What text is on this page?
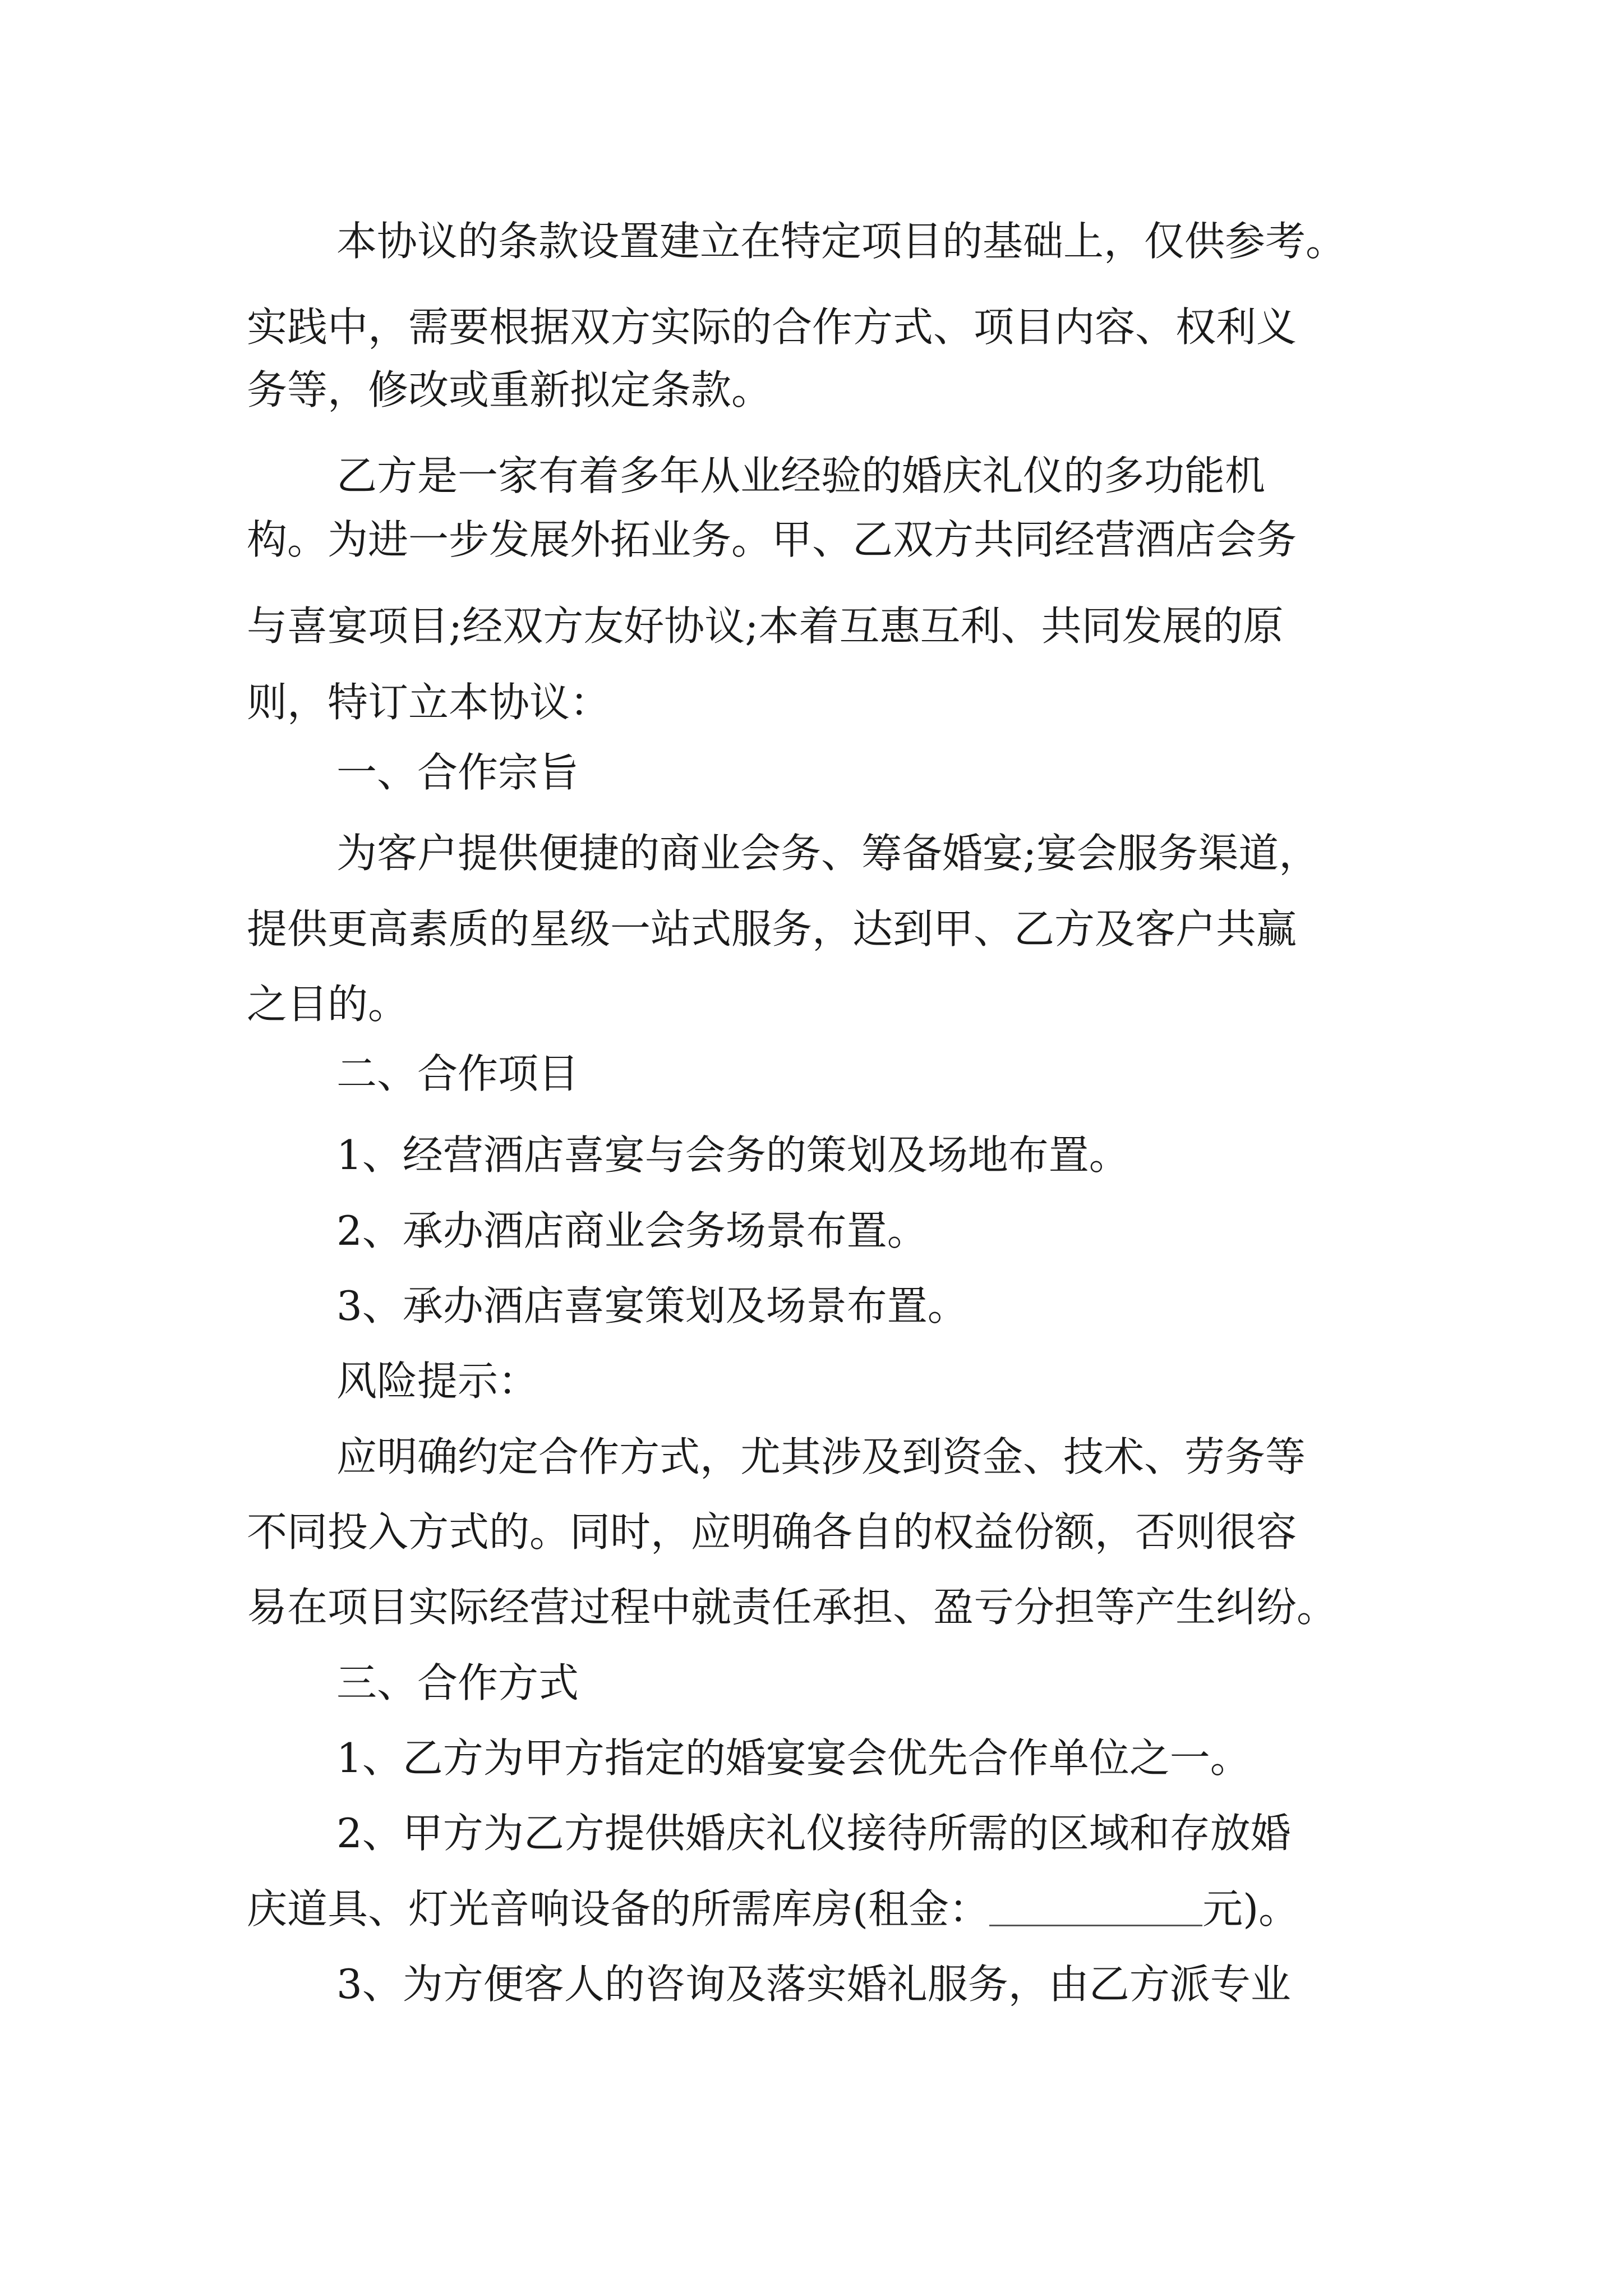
本协议的条款设置建立在特定项目的基础上，仅供参考。
实践中，需要根据双方实际的合作方式、项目内容、权利义
务等，修改或重新拟定条款。
乙方是一家有着多年从业经验的婚庆礼仪的多功能机
构。为进一步发展外拓业务。甲、乙双方共同经营酒店会务
与喜宴项目;经双方友好协议;本着互惠互利、共同发展的原
则，特订立本协议：
一、合作宗旨
为客户提供便捷的商业会务、筹备婚宴;宴会服务渠道，
提供更高素质的星级一站式服务，达到甲、乙方及客户共赢
之目的。
二、合作项目
1、经营酒店喜宴与会务的策划及场地布置。
2、承办酒店商业会务场景布置。
3、承办酒店喜宴策划及场景布置。
风险提示：
应明确约定合作方式，尤其涉及到资金、技术、劳务等
不同投入方式的。同时，应明确各自的权益份额，否则很容
易在项目实际经营过程中就责任承担、盈亏分担等产生纠纷。
三、合作方式
1、乙方为甲方指定的婚宴宴会优先合作单位之一。
2、甲方为乙方提供婚庆礼仪接待所需的区域和存放婚
庆道具、灯光音响设备的所需库房(租金：	元)。
3、为方便客人的咨询及落实婚礼服务，由乙方派专业
